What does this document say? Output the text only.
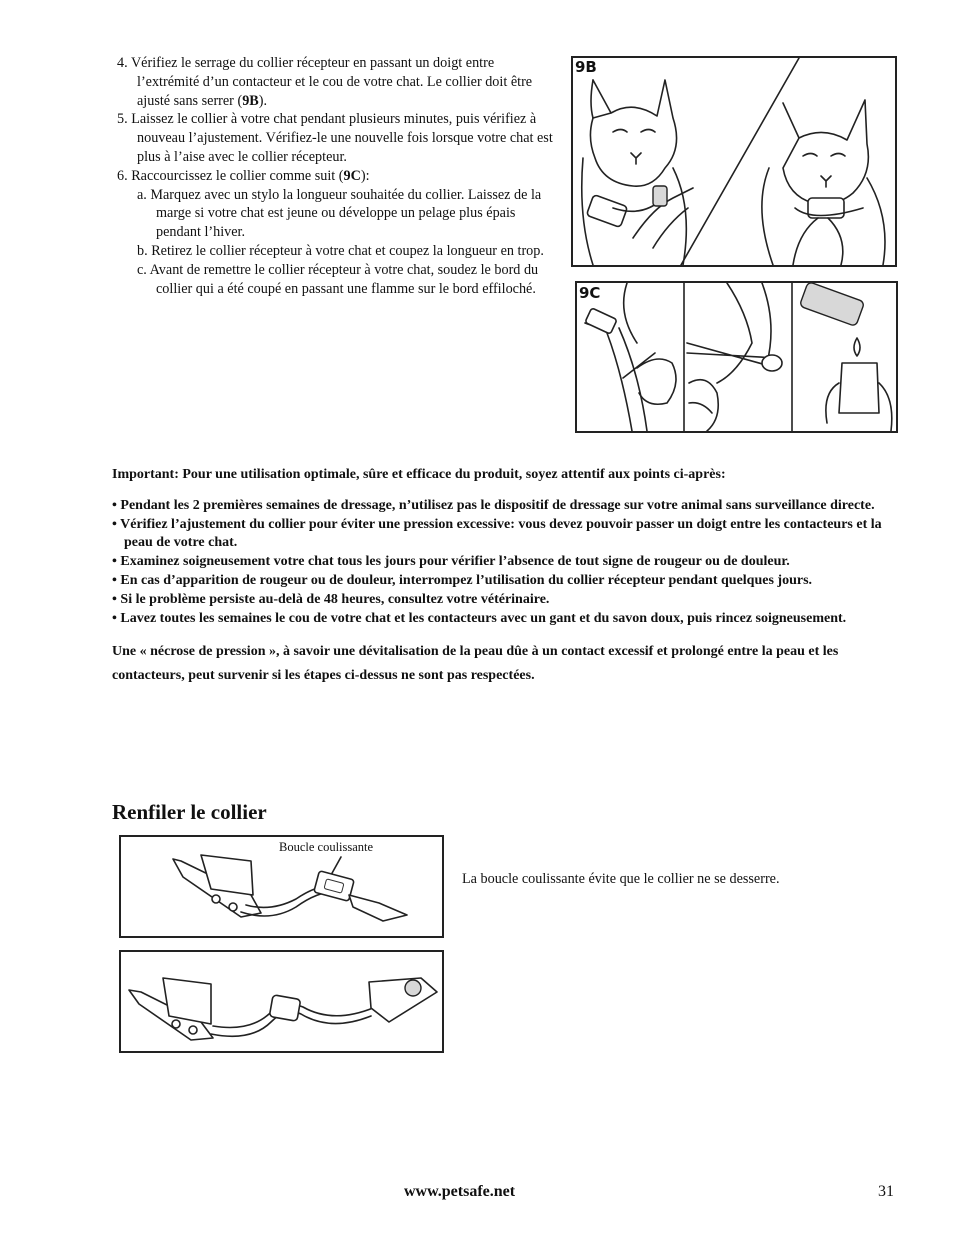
4. Vérifiez le serrage du collier récepteur en passant un doigt entre l’extrémité d’un contacteur et le cou de votre chat. Le collier doit être ajusté sans serrer (9B).

5. Laissez le collier à votre chat pendant plusieurs minutes, puis vérifiez à nouveau l’ajustement. Vérifiez-le une nouvelle fois lorsque votre chat est plus à l’aise avec le collier récepteur.

6. Raccourcissez le collier comme suit (9C):

a. Marquez avec un stylo la longueur souhaitée du collier. Laissez de la marge si votre chat est jeune ou développe un pelage plus épais pendant l’hiver.

b. Retirez le collier récepteur à votre chat et coupez la longueur en trop.

c. Avant de remettre le collier récepteur à votre chat, soudez le bord du collier qui a été coupé en passant une flamme sur le bord effiloché.

9B
9C

Important: Pour une utilisation optimale, sûre et efficace du produit, soyez attentif aux points ci-après:

• Pendant les 2 premières semaines de dressage, n’utilisez pas le dispositif de dressage sur votre animal sans surveillance directe.

• Vérifiez l’ajustement du collier pour éviter une pression excessive: vous devez pouvoir passer un doigt entre les contacteurs et la peau de votre chat.

• Examinez soigneusement votre chat tous les jours pour vérifier l’absence de tout signe de rougeur ou de douleur.

• En cas d’apparition de rougeur ou de douleur, interrompez l’utilisation du collier récepteur pendant quelques jours.

• Si le problème persiste au-delà de 48 heures, consultez votre vétérinaire.

• Lavez toutes les semaines le cou de votre chat et les contacteurs avec un gant et du savon doux, puis rincez soigneusement.

Une « nécrose de pression », à savoir une dévitalisation de la peau dûe à un contact excessif et prolongé entre la peau et les contacteurs, peut survenir si les étapes ci-dessus ne sont pas respectées.

Renfiler le collier
Boucle coulissante
La boucle coulissante évite que le collier ne se desserre.
www.petsafe.net	31
